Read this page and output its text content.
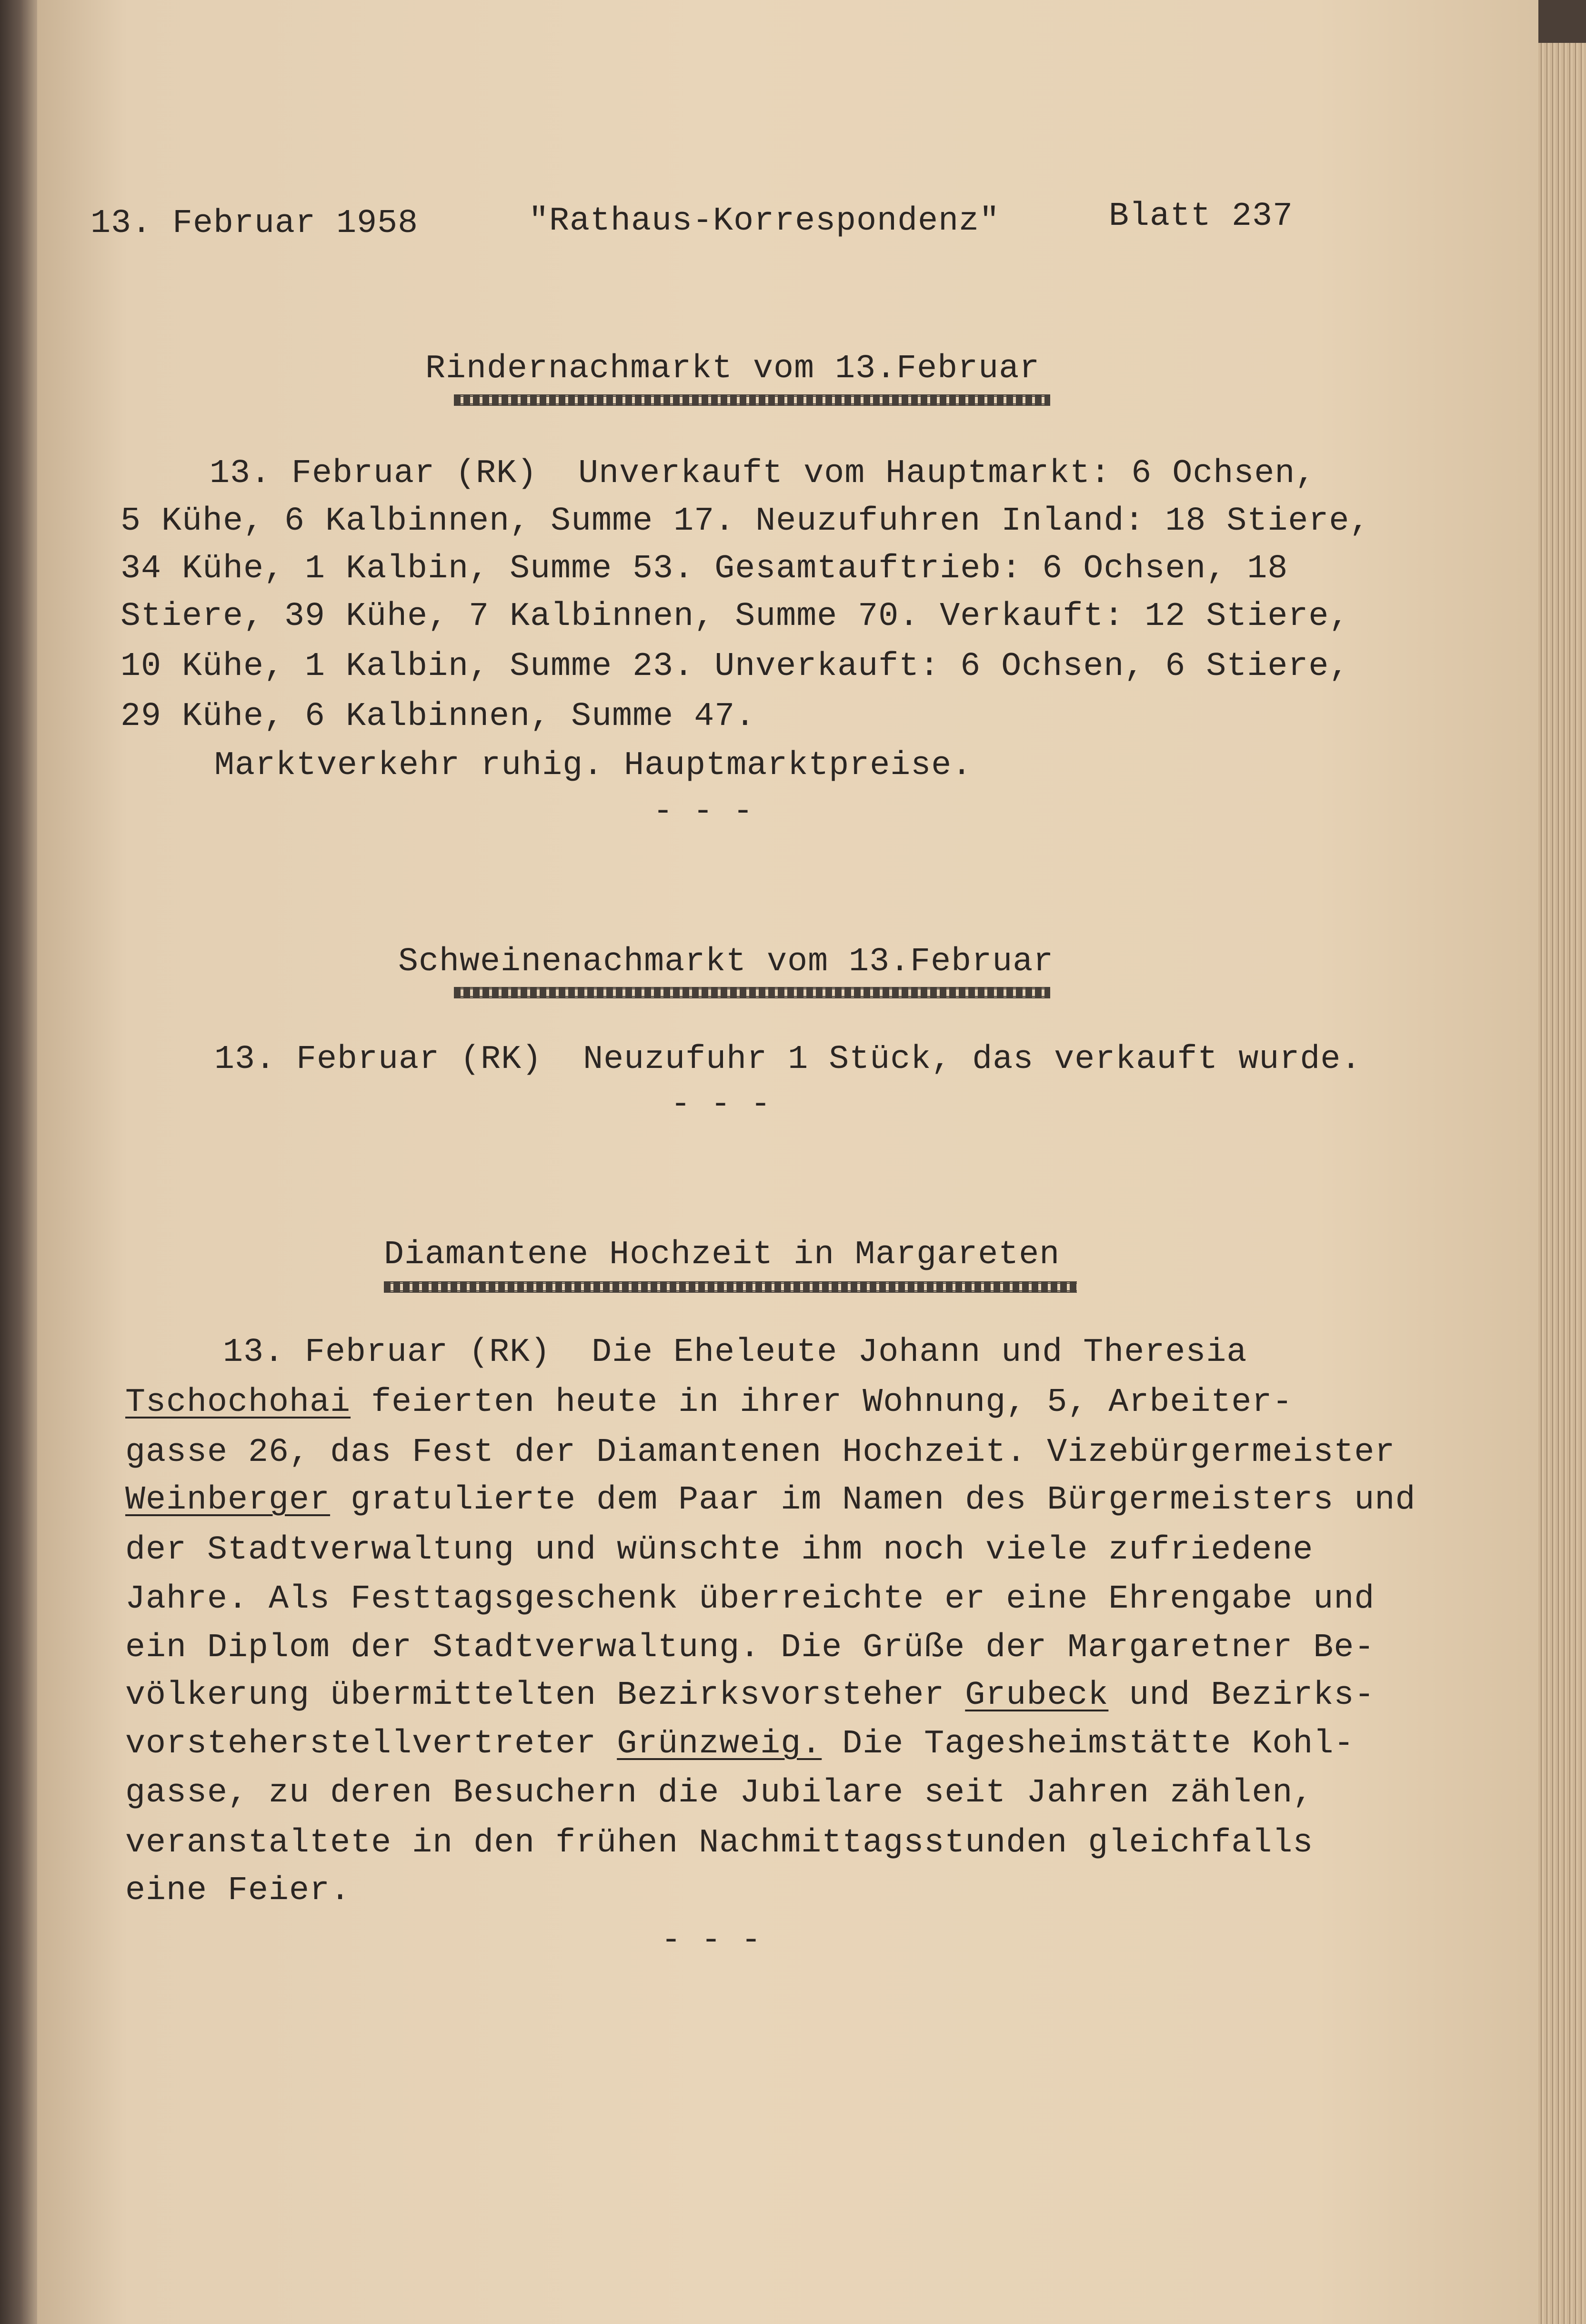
13. Februar 1958	"Rathaus-Korrespondenz"	Blatt 237
Rindernachmarkt vom 13.Februar
13. Februar (RK)  Unverkauft vom Hauptmarkt: 6 Ochsen,
5 Kühe, 6 Kalbinnen, Summe 17. Neuzufuhren Inland: 18 Stiere,
34 Kühe, 1 Kalbin, Summe 53. Gesamtauftrieb: 6 Ochsen, 18
Stiere, 39 Kühe, 7 Kalbinnen, Summe 70. Verkauft: 12 Stiere,
10 Kühe, 1 Kalbin, Summe 23. Unverkauft: 6 Ochsen, 6 Stiere,
29 Kühe, 6 Kalbinnen, Summe 47.
Marktverkehr ruhig. Hauptmarktpreise.
- - -
Schweinenachmarkt vom 13.Februar
13. Februar (RK)  Neuzufuhr 1 Stück, das verkauft wurde.
- - -
Diamantene Hochzeit in Margareten
13. Februar (RK)  Die Eheleute Johann und Theresia
Tschochohai feierten heute in ihrer Wohnung, 5, Arbeiter-
gasse 26, das Fest der Diamantenen Hochzeit. Vizebürgermeister
Weinberger gratulierte dem Paar im Namen des Bürgermeisters und
der Stadtverwaltung und wünschte ihm noch viele zufriedene
Jahre. Als Festtagsgeschenk überreichte er eine Ehrengabe und
ein Diplom der Stadtverwaltung. Die Grüße der Margaretner Be-
völkerung übermittelten Bezirksvorsteher Grubeck und Bezirks-
vorsteherstellvertreter Grünzweig. Die Tagesheimstätte Kohl-
gasse, zu deren Besuchern die Jubilare seit Jahren zählen,
veranstaltete in den frühen Nachmittagsstunden gleichfalls
eine Feier.
- - -
